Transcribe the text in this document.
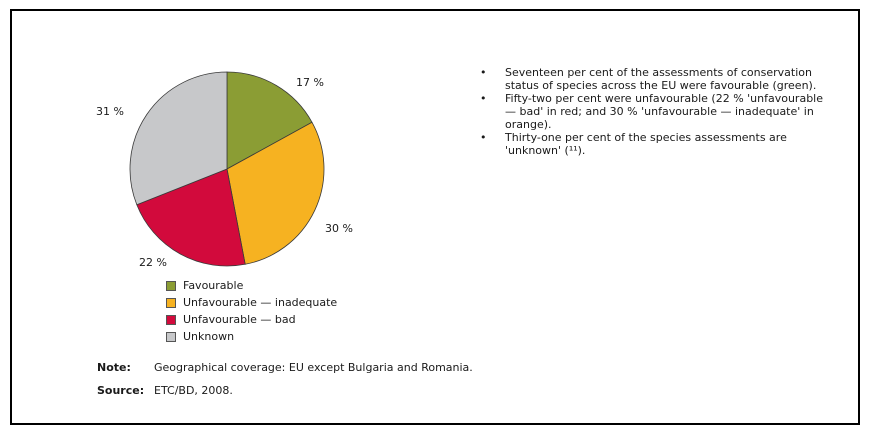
17 %
30 %
22 %
31 %
Favourable
Unfavourable — inadequate
Unfavourable — bad
Unknown
•	Seventeen per cent of the assessments of conservation status of species across the EU were favourable (green).
•	Fifty-two per cent were unfavourable (22 % 'unfavourable — bad' in red; and 30 % 'unfavourable — inadequate' in orange).
•	Thirty-one per cent of the species assessments are 'unknown' (¹¹).
Note:	Geographical coverage: EU except Bulgaria and Romania.
Source: ETC/BD, 2008.
